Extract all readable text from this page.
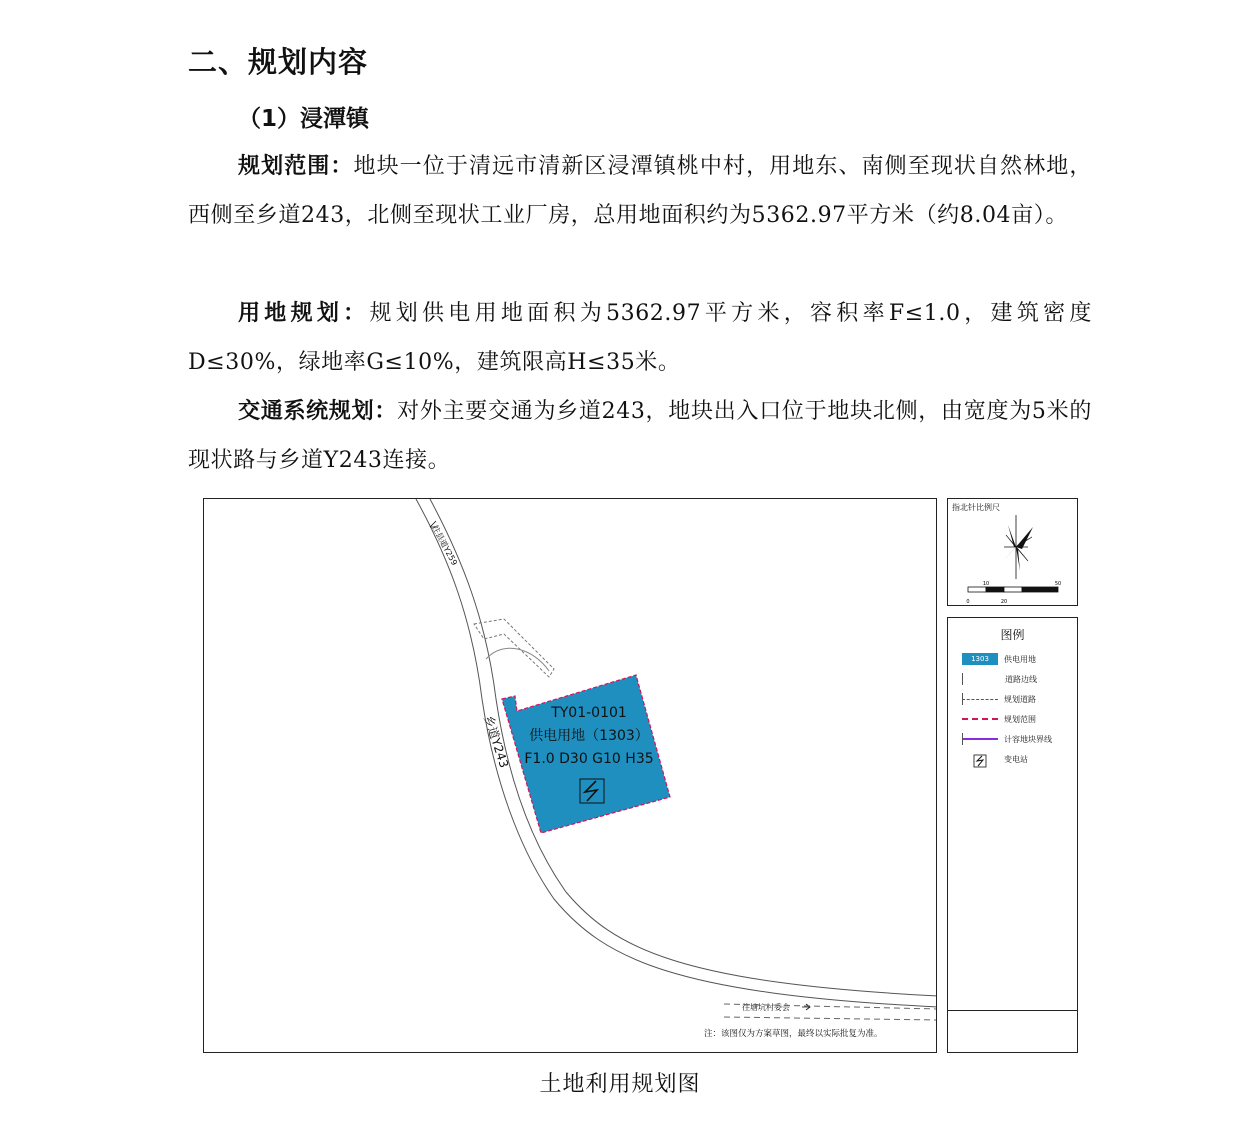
二、规划内容
（1）浸潭镇
规划范围：地块一位于清远市清新区浸潭镇桃中村，用地东、南侧至现状自然林地，西侧至乡道243，北侧至现状工业厂房，总用地面积约为5362.97平方米（约8.04亩）。
用地规划：规划供电用地面积为5362.97平方米，容积率F≤1.0，建筑密度D≤30%，绿地率G≤10%，建筑限高H≤35米。
交通系统规划：对外主要交通为乡道243，地块出入口位于地块北侧，由宽度为5米的现状路与乡道Y243连接。
TY01-0101
供电用地（1303）
F1.0 D30 G10 H35
乡道Y243
往县道Y259
往塘坑村委会
注：该图仅为方案草图，最终以实际批复为准。
指北针比例尺
0
10
20
50
图例
1303	供电用地
道路边线
规划道路
规划范围
计容地块界线
变电站
土地利用规划图
